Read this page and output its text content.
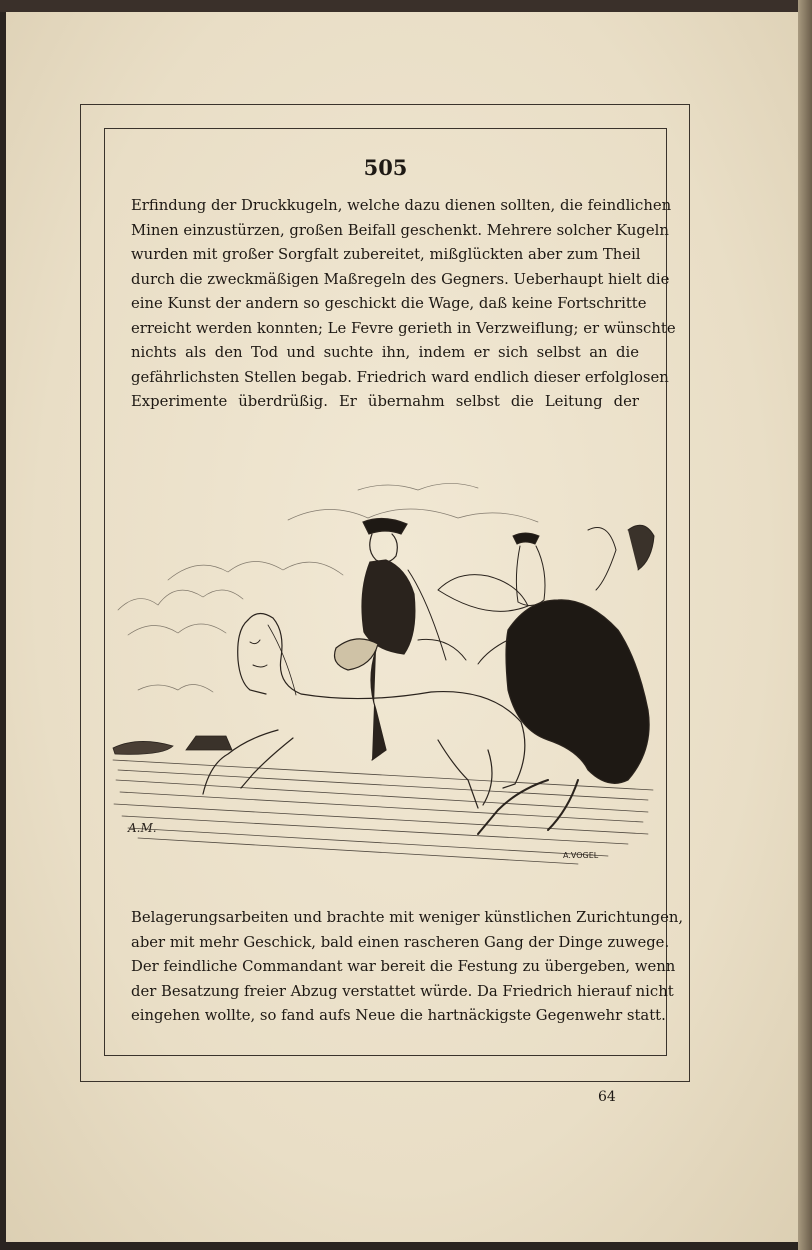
505
Erfindung der Druckkugeln, welche dazu dienen sollten, die feindlichen
Minen einzustürzen, großen Beifall geschenkt. Mehrere solcher Kugeln
wurden mit großer Sorgfalt zubereitet, mißglückten aber zum Theil
durch die zweckmäßigen Maßregeln des Gegners. Ueberhaupt hielt die
eine Kunst der andern so geschickt die Wage, daß keine Fortschritte
erreicht werden konnten; Le Fevre gerieth in Verzweiflung; er wünschte
nichts als den Tod und suchte ihn, indem er sich selbst an die
gefährlichsten Stellen begab. Friedrich ward endlich dieser erfolglosen
Experimente überdrüßig. Er übernahm selbst die Leitung der
A.M.
A.VOGEL
Belagerungsarbeiten und brachte mit weniger künstlichen Zurichtungen,
aber mit mehr Geschick, bald einen rascheren Gang der Dinge zuwege.
Der feindliche Commandant war bereit die Festung zu übergeben, wenn
der Besatzung freier Abzug verstattet würde. Da Friedrich hierauf nicht
eingehen wollte, so fand aufs Neue die hartnäckigste Gegenwehr statt.
64
